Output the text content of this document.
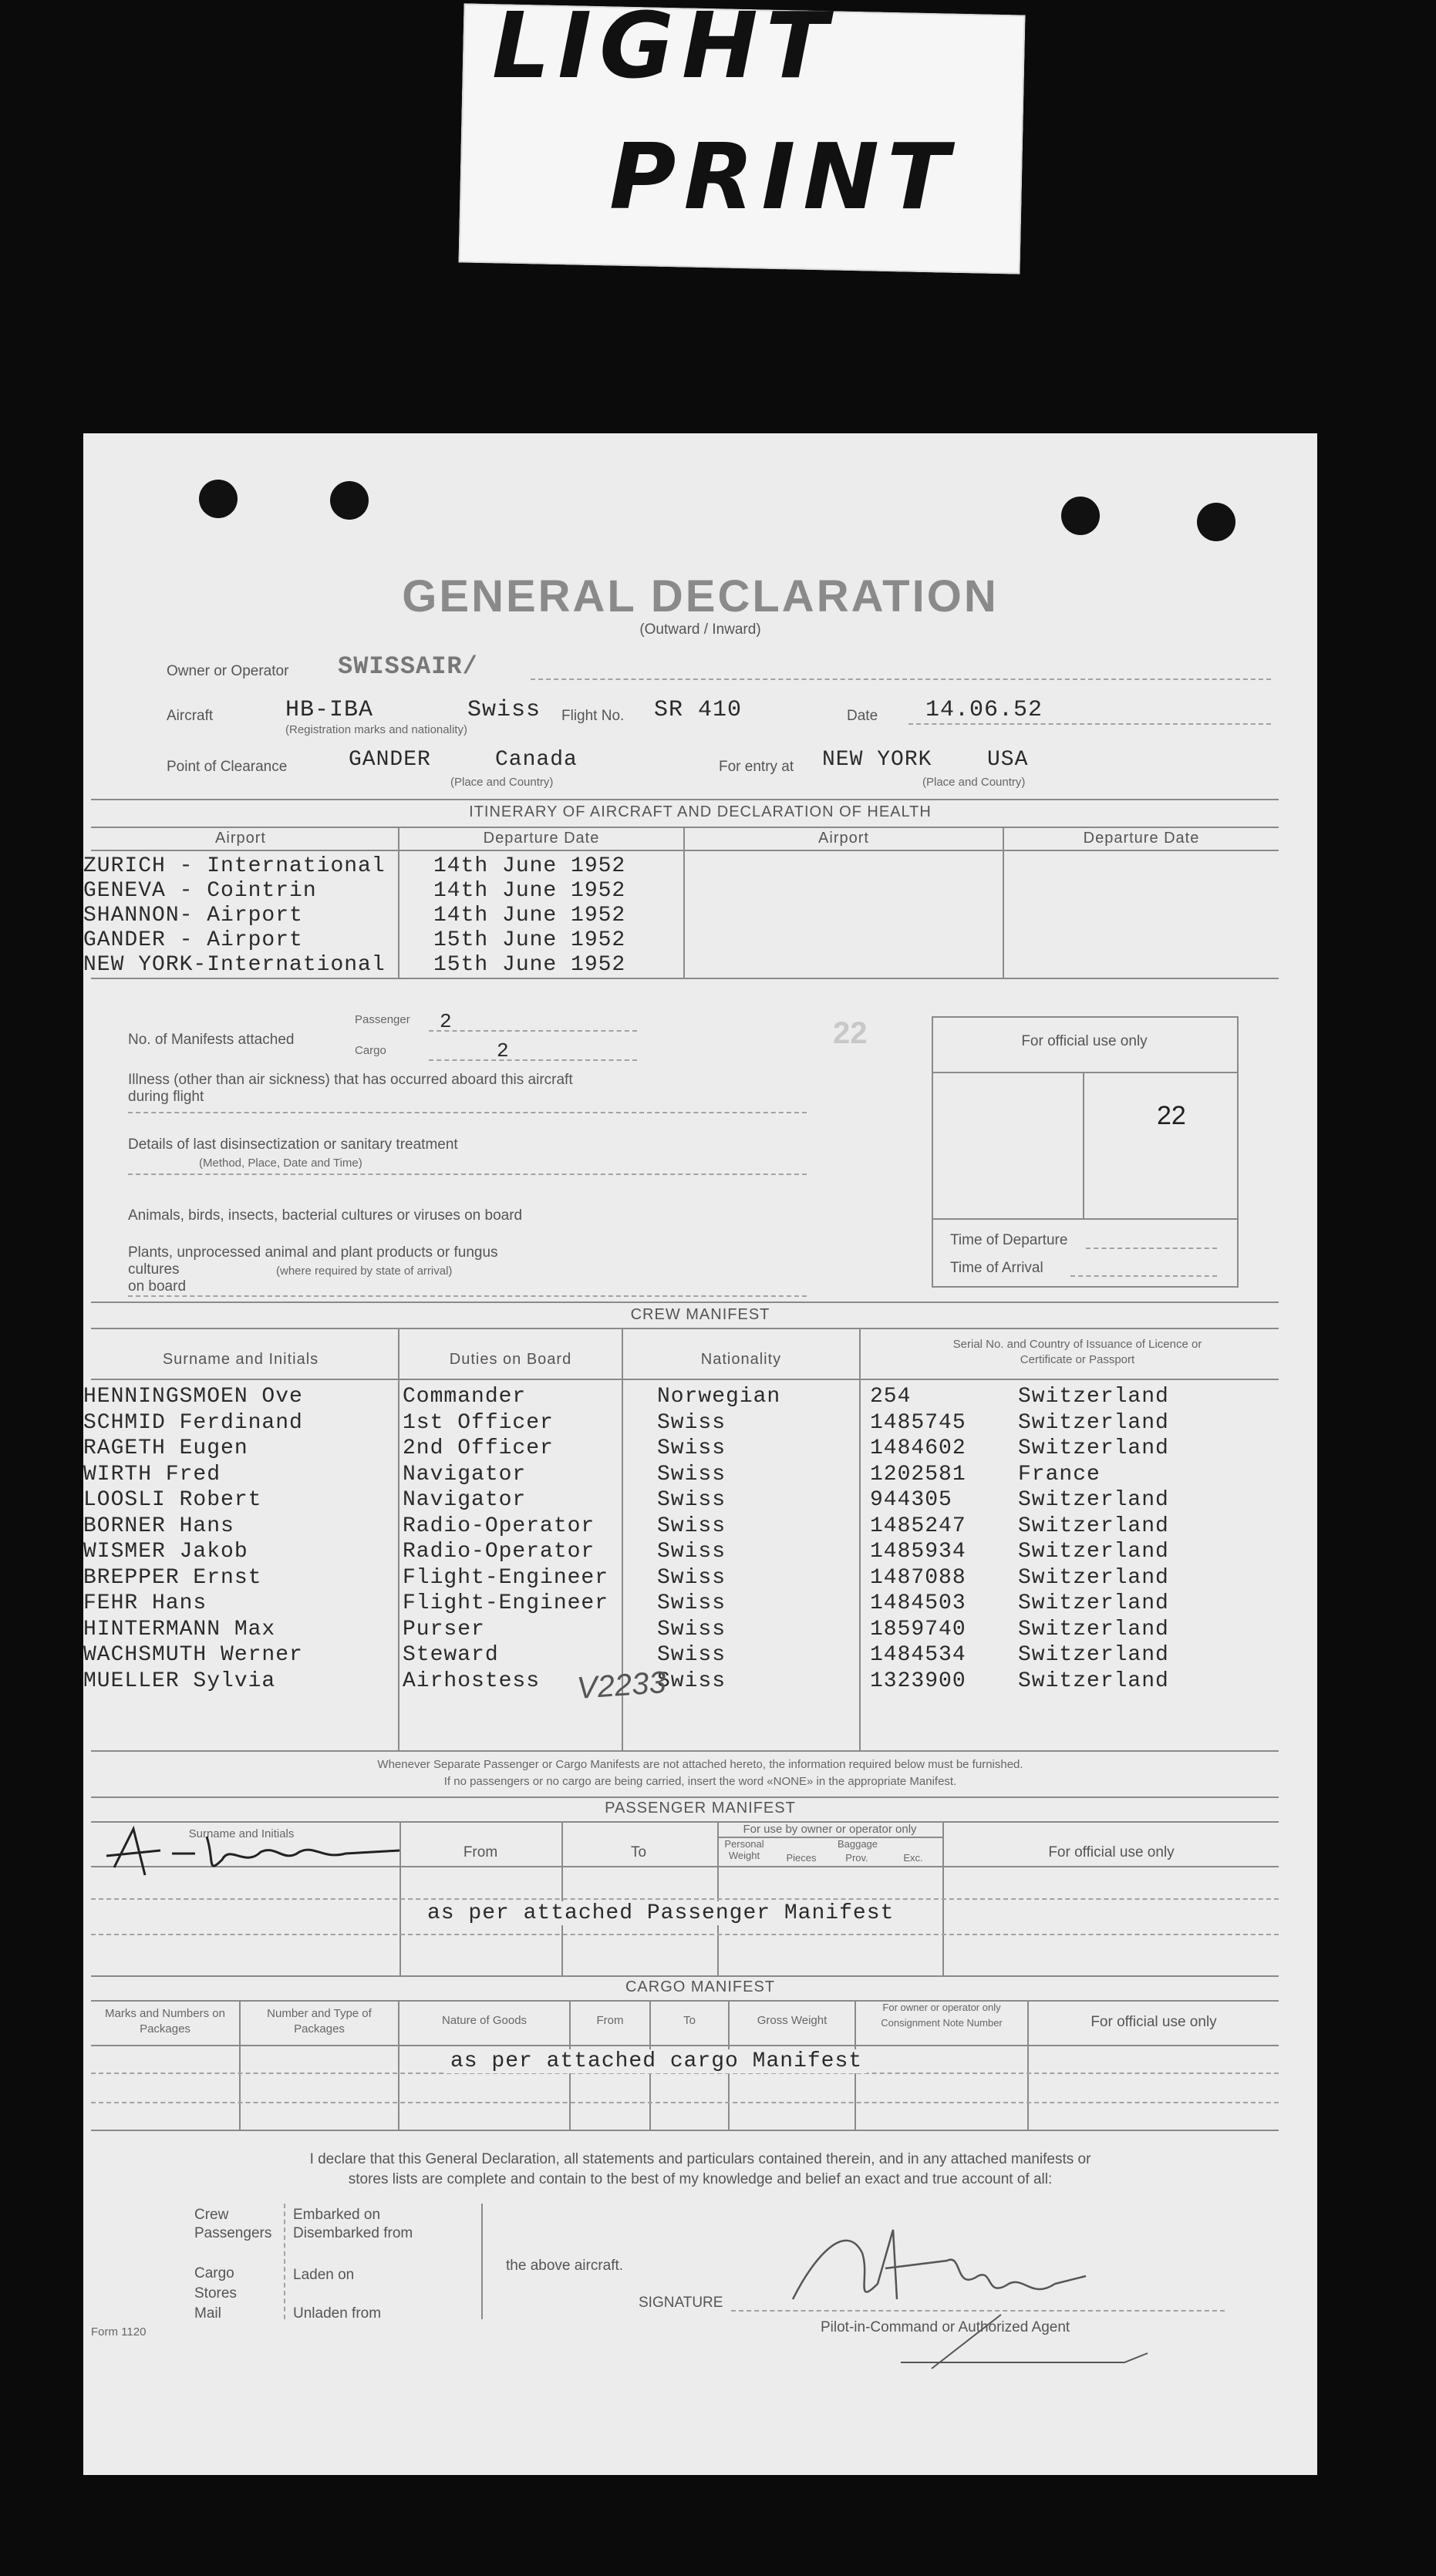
LIGHT
PRINT
GENERAL DECLARATION
(Outward / Inward)
Owner or Operator SWISSAIR/
Aircraft	HB-IBA	Swiss
(Registration marks and nationality)
Flight No. SR 410	Date 14.06.52
Point of Clearance	GANDER	Canada
(Place and Country)
For entry at NEW YORK	USA
(Place and Country)
ITINERARY OF AIRCRAFT AND DECLARATION OF HEALTH
Airport	Departure Date	Airport	Departure Date
ZURICH - International 14th June 1952
GENEVA - Cointrin	14th June 1952
SHANNON- Airport	14th June 1952
GANDER - Airport	15th June 1952
NEW YORK-International 15th June 1952
No. of Manifests attached
Passenger 2
Cargo	2
22
Illness (other than air sickness) that has occurred aboard this aircraft during flight
Details of last disinsectization or sanitary treatment
(Method, Place, Date and Time)
Animals, birds, insects, bacterial cultures or viruses on board
Plants, unprocessed animal and plant products or fungus cultures	(where required by state of arrival)
on board
For official use only
22
Time of Departure
Time of Arrival
CREW MANIFEST
Surname and Initials	Duties on Board	Nationality
Serial No. and Country of Issuance of Licence or Certificate or Passport
HENNINGSMOEN Ove	Commander	Norwegian	254	Switzerland
SCHMID Ferdinand	1st Officer	Swiss	1485745 Switzerland
RAGETH Eugen	2nd Officer	Swiss	1484602 Switzerland
WIRTH Fred	Navigator	Swiss	1202581 France
LOOSLI Robert	Navigator	Swiss	944305	Switzerland
BORNER Hans	Radio-Operator	Swiss	1485247 Switzerland
WISMER Jakob	Radio-Operator	Swiss	1485934 Switzerland
BREPPER Ernst	Flight-Engineer Swiss	1487088 Switzerland
FEHR Hans	Flight-Engineer Swiss	1484503 Switzerland
HINTERMANN Max	Purser	Swiss	1859740 Switzerland
WACHSMUTH Werner	Steward	Swiss	1484534 Switzerland
MUELLER Sylvia	Airhostess	Swiss	1323900 Switzerland
V2233
Whenever Separate Passenger or Cargo Manifests are not attached hereto, the information required below must be furnished.
If no passengers or no cargo are being carried, insert the word «NONE» in the appropriate Manifest.
PASSENGER MANIFEST
Surname and Initials
From	To
For use by owner or operator only
Personal Weight
Baggage
Pieces	Prov.	Exc.	For official use only
as per attached Passenger Manifest
CARGO MANIFEST
Marks and Numbers on Packages
Number and Type of Packages
Nature of Goods	From	To	Gross Weight
For owner or operator only
Consignment Note Number	For official use only
as per attached cargo Manifest
I declare that this General Declaration, all statements and particulars contained therein, and in any attached manifests or
stores lists are complete and contain to the best of my knowledge and belief an exact and true account of all:
Crew
Passengers
Embarked on
Disembarked from
Cargo
Stores
Mail
Laden on
Unladen from
the above aircraft.
SIGNATURE
Pilot-in-Command or Authorized Agent
Form 1120
